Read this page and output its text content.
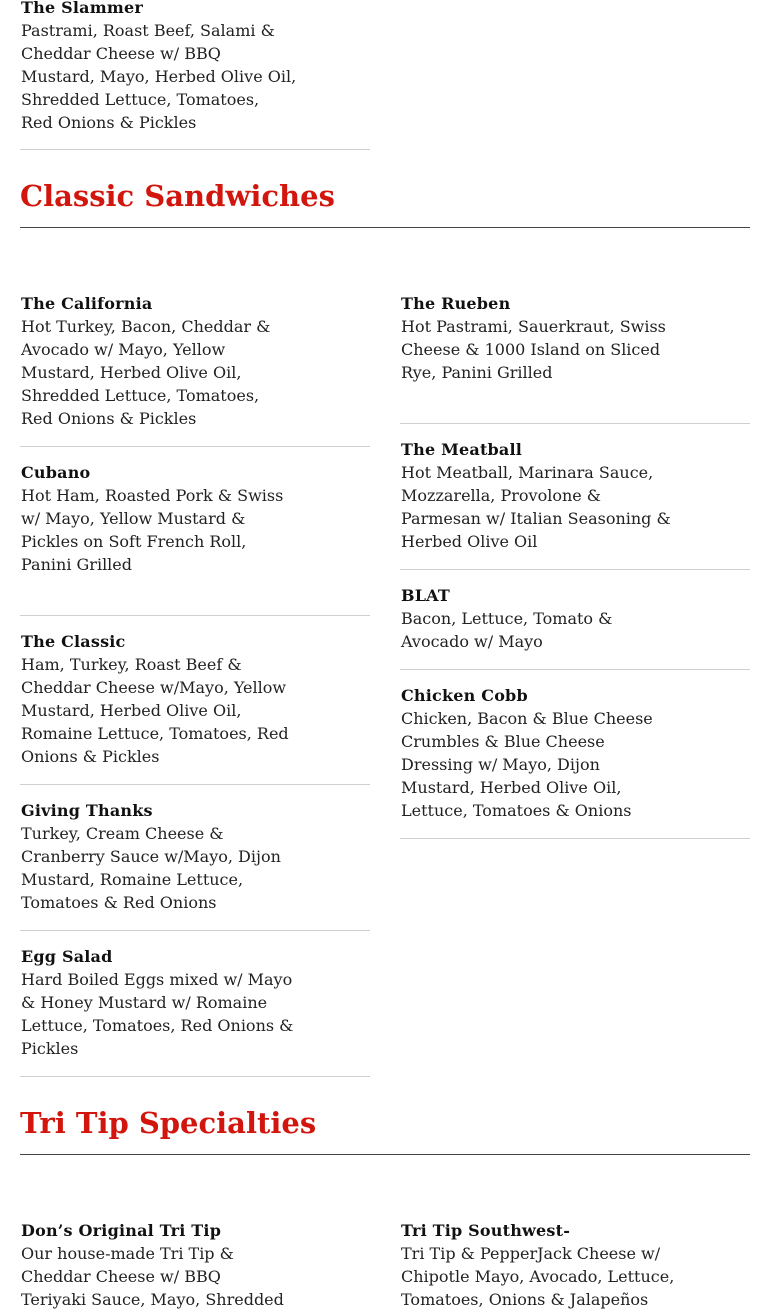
The Slammer
Pastrami, Roast Beef, Salami &
Cheddar Cheese w/ BBQ
Mustard, Mayo, Herbed Olive Oil,
Shredded Lettuce, Tomatoes,
Red Onions & Pickles
Classic Sandwiches
The California
Hot Turkey, Bacon, Cheddar &
Avocado w/ Mayo, Yellow
Mustard, Herbed Olive Oil,
Shredded Lettuce, Tomatoes,
Red Onions & Pickles
Cubano
Hot Ham, Roasted Pork & Swiss
w/ Mayo, Yellow Mustard &
Pickles on Soft French Roll,
Panini Grilled
The Classic
Ham, Turkey, Roast Beef &
Cheddar Cheese w/Mayo, Yellow
Mustard, Herbed Olive Oil,
Romaine Lettuce, Tomatoes, Red
Onions & Pickles
Giving Thanks
Turkey, Cream Cheese &
Cranberry Sauce w/Mayo, Dijon
Mustard, Romaine Lettuce,
Tomatoes & Red Onions
Egg Salad
Hard Boiled Eggs mixed w/ Mayo
& Honey Mustard w/ Romaine
Lettuce, Tomatoes, Red Onions &
Pickles
The Rueben
Hot Pastrami, Sauerkraut, Swiss
Cheese & 1000 Island on Sliced
Rye, Panini Grilled
The Meatball
Hot Meatball, Marinara Sauce,
Mozzarella, Provolone &
Parmesan w/ Italian Seasoning &
Herbed Olive Oil
BLAT
Bacon, Lettuce, Tomato &
Avocado w/ Mayo
Chicken Cobb
Chicken, Bacon & Blue Cheese
Crumbles & Blue Cheese
Dressing w/ Mayo, Dijon
Mustard, Herbed Olive Oil,
Lettuce, Tomatoes & Onions
Tri Tip Specialties
Don’s Original Tri Tip
Our house-made Tri Tip &
Cheddar Cheese w/ BBQ
Teriyaki Sauce, Mayo, Shredded
Tri Tip Southwest-
Tri Tip & PepperJack Cheese w/
Chipotle Mayo, Avocado, Lettuce,
Tomatoes, Onions & Jalapeños
